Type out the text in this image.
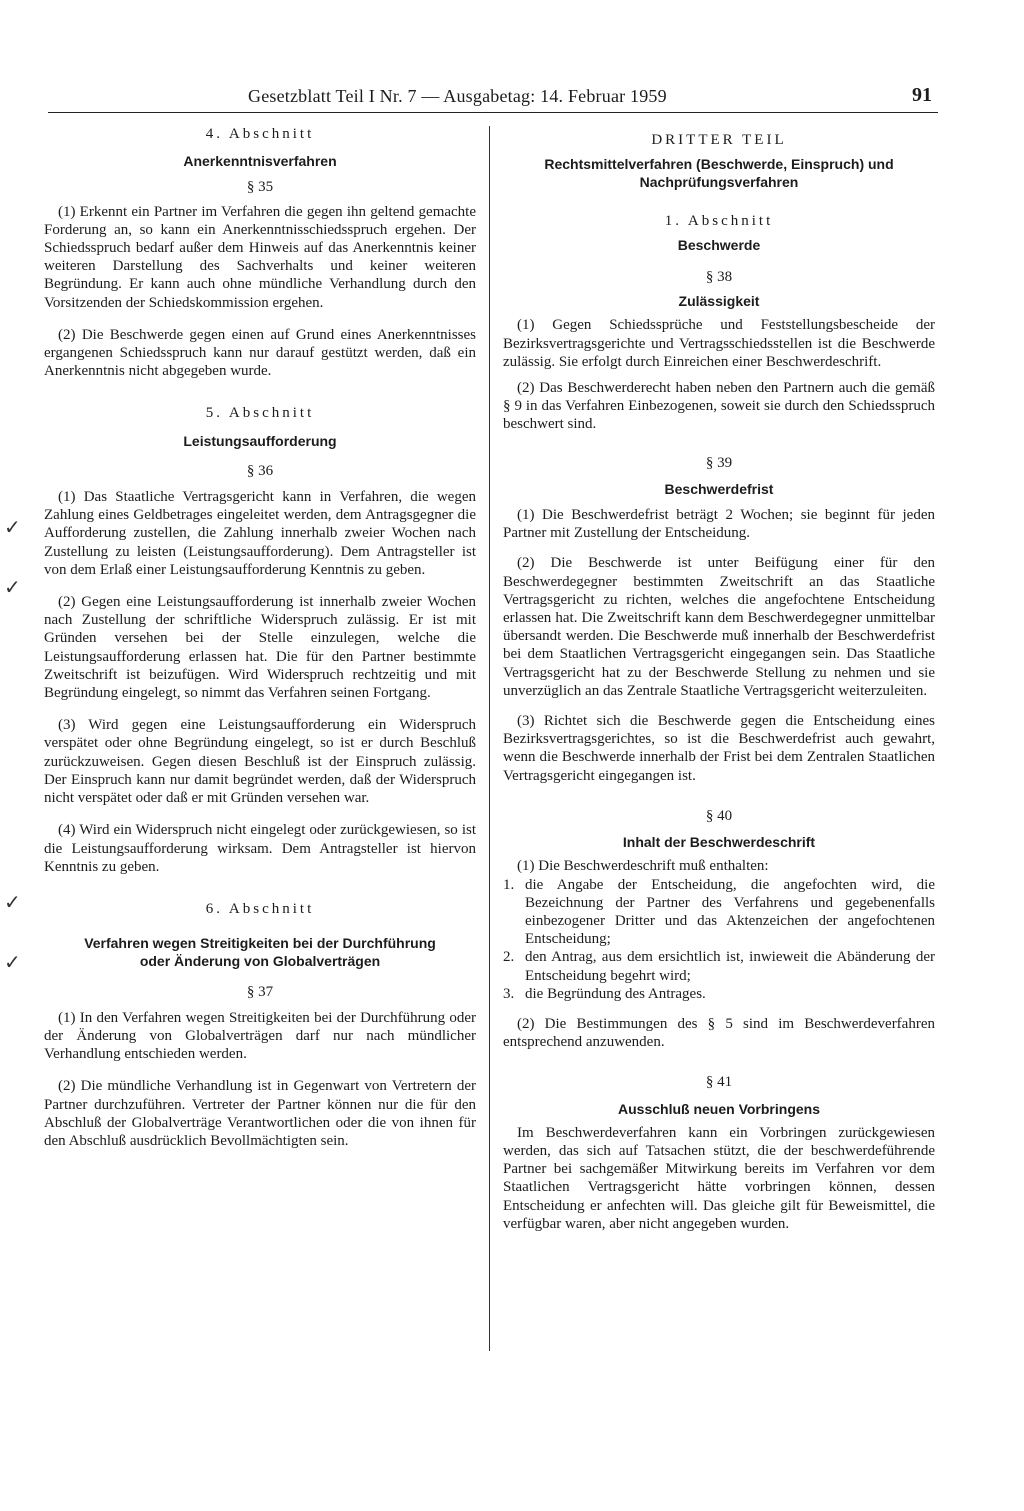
Gesetzblatt Teil I Nr. 7 — Ausgabetag: 14. Februar 1959	91
✓
✓
✓
✓
4. Abschnitt
Anerkenntnisverfahren
§ 35

(1) Erkennt ein Partner im Verfahren die gegen ihn geltend gemachte Forderung an, so kann ein Anerkenntnisschiedsspruch ergehen. Der Schiedsspruch bedarf außer dem Hinweis auf das Anerkenntnis keiner weiteren Darstellung des Sachverhalts und keiner weiteren Begründung. Er kann auch ohne mündliche Verhandlung durch den Vorsitzenden der Schiedskommission ergehen.

(2) Die Beschwerde gegen einen auf Grund eines Anerkenntnisses ergangenen Schiedsspruch kann nur darauf gestützt werden, daß ein Anerkenntnis nicht abgegeben wurde.

5. Abschnitt
Leistungsaufforderung
§ 36

(1) Das Staatliche Vertragsgericht kann in Verfahren, die wegen Zahlung eines Geldbetrages eingeleitet werden, dem Antragsgegner die Aufforderung zustellen, die Zahlung innerhalb zweier Wochen nach Zustellung zu leisten (Leistungsaufforderung). Dem Antragsteller ist von dem Erlaß einer Leistungsaufforderung Kenntnis zu geben.

(2) Gegen eine Leistungsaufforderung ist innerhalb zweier Wochen nach Zustellung der schriftliche Widerspruch zulässig. Er ist mit Gründen versehen bei der Stelle einzulegen, welche die Leistungsaufforderung erlassen hat. Die für den Partner bestimmte Zweitschrift ist beizufügen. Wird Widerspruch rechtzeitig und mit Begründung eingelegt, so nimmt das Verfahren seinen Fortgang.

(3) Wird gegen eine Leistungsaufforderung ein Widerspruch verspätet oder ohne Begründung eingelegt, so ist er durch Beschluß zurückzuweisen. Gegen diesen Beschluß ist der Einspruch zulässig. Der Einspruch kann nur damit begründet werden, daß der Widerspruch nicht verspätet oder daß er mit Gründen versehen war.

(4) Wird ein Widerspruch nicht eingelegt oder zurückgewiesen, so ist die Leistungsaufforderung wirksam. Dem Antragsteller ist hiervon Kenntnis zu geben.

6. Abschnitt
Verfahren wegen Streitigkeiten bei der Durchführung
oder Änderung von Globalverträgen
§ 37

(1) In den Verfahren wegen Streitigkeiten bei der Durchführung oder der Änderung von Globalverträgen darf nur nach mündlicher Verhandlung entschieden werden.

(2) Die mündliche Verhandlung ist in Gegenwart von Vertretern der Partner durchzuführen. Vertreter der Partner können nur die für den Abschluß der Globalverträge Verantwortlichen oder die von ihnen für den Abschluß ausdrücklich Bevollmächtigten sein.

DRITTER TEIL
Rechtsmittelverfahren (Beschwerde, Einspruch) und
Nachprüfungsverfahren
1. Abschnitt
Beschwerde
§ 38
Zulässigkeit

(1) Gegen Schiedssprüche und Feststellungsbescheide der Bezirksvertragsgerichte und Vertragsschiedsstellen ist die Beschwerde zulässig. Sie erfolgt durch Einreichen einer Beschwerdeschrift.

(2) Das Beschwerderecht haben neben den Partnern auch die gemäß § 9 in das Verfahren Einbezogenen, soweit sie durch den Schiedsspruch beschwert sind.

§ 39
Beschwerdefrist

(1) Die Beschwerdefrist beträgt 2 Wochen; sie beginnt für jeden Partner mit Zustellung der Entscheidung.

(2) Die Beschwerde ist unter Beifügung einer für den Beschwerdegegner bestimmten Zweitschrift an das Staatliche Vertragsgericht zu richten, welches die angefochtene Entscheidung erlassen hat. Die Zweitschrift kann dem Beschwerdegegner unmittelbar übersandt werden. Die Beschwerde muß innerhalb der Beschwerdefrist bei dem Staatlichen Vertragsgericht eingegangen sein. Das Staatliche Vertragsgericht hat zu der Beschwerde Stellung zu nehmen und sie unverzüglich an das Zentrale Staatliche Vertragsgericht weiterzuleiten.

(3) Richtet sich die Beschwerde gegen die Entscheidung eines Bezirksvertragsgerichtes, so ist die Beschwerdefrist auch gewahrt, wenn die Beschwerde innerhalb der Frist bei dem Zentralen Staatlichen Vertragsgericht eingegangen ist.

§ 40
Inhalt der Beschwerdeschrift

(1) Die Beschwerdeschrift muß enthalten:

1. die Angabe der Entscheidung, die angefochten wird, die Bezeichnung der Partner des Verfahrens und gegebenenfalls einbezogener Dritter und das Aktenzeichen der angefochtenen Entscheidung;
2. den Antrag, aus dem ersichtlich ist, inwieweit die Abänderung der Entscheidung begehrt wird;
3. die Begründung des Antrages.

(2) Die Bestimmungen des § 5 sind im Beschwerdeverfahren entsprechend anzuwenden.

§ 41
Ausschluß neuen Vorbringens

Im Beschwerdeverfahren kann ein Vorbringen zurückgewiesen werden, das sich auf Tatsachen stützt, die der beschwerdeführende Partner bei sachgemäßer Mitwirkung bereits im Verfahren vor dem Staatlichen Vertragsgericht hätte vorbringen können, dessen Entscheidung er anfechten will. Das gleiche gilt für Beweismittel, die verfügbar waren, aber nicht angegeben wurden.
